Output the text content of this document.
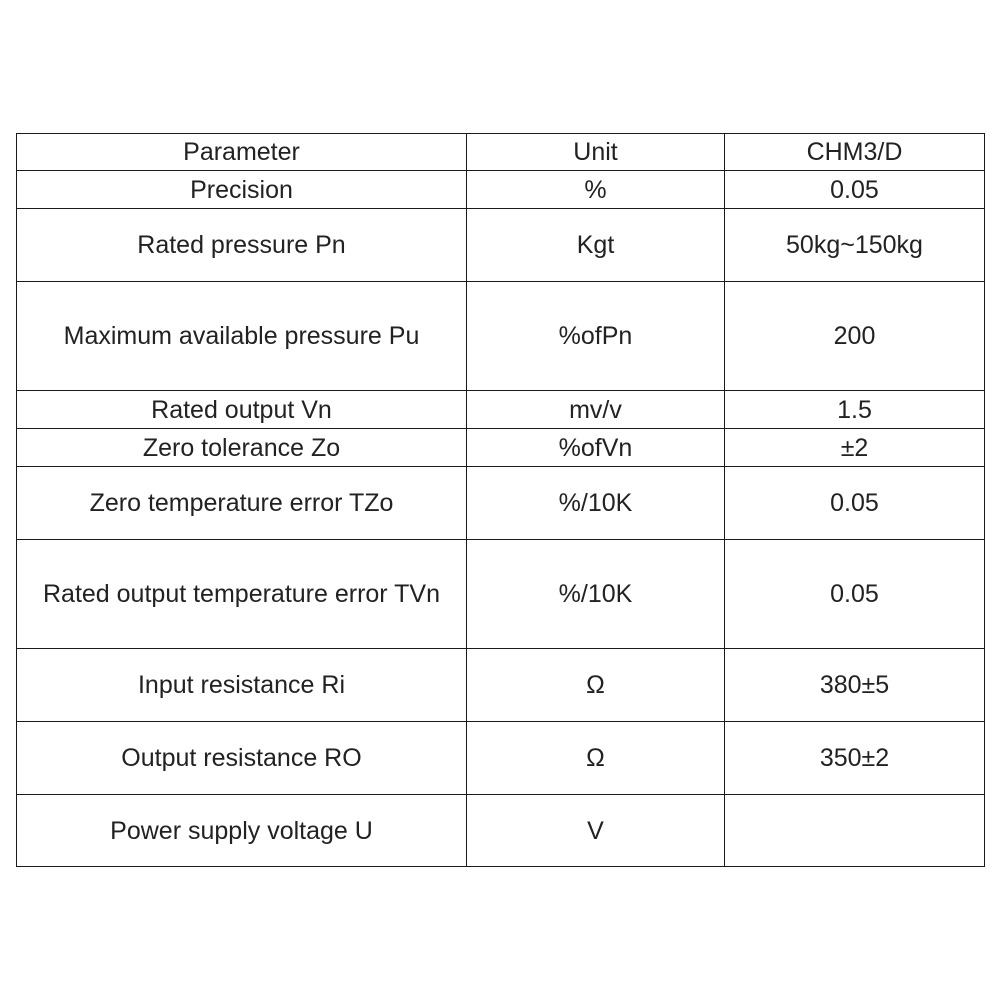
Parameter	Unit	CHM3/D
Precision	%	0.05
Rated pressure Pn	Kgt	50kg~150kg
Maximum available pressure Pu	%ofPn	200
Rated output Vn	mv/v	1.5
Zero tolerance Zo	%ofVn	±2
Zero temperature error TZo	%/10K	0.05
Rated output temperature error TVn	%/10K	0.05
Input resistance Ri	Ω	380±5
Output resistance RO	Ω	350±2
Power supply voltage U	V	
